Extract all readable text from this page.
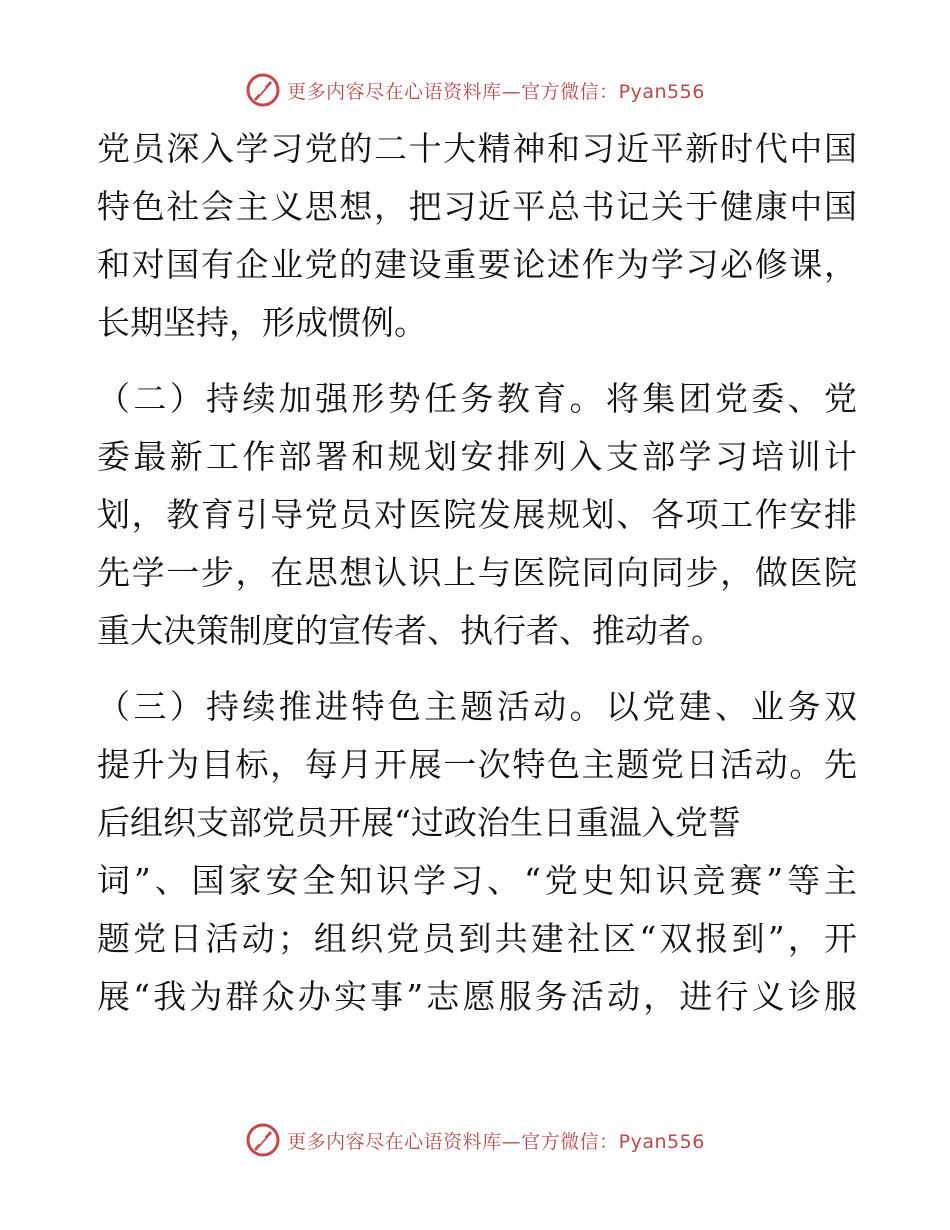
更多内容尽在心语资料库—官方微信：Pyan556
党员深入学习党的二十大精神和习近平新时代中国
特色社会主义思想，把习近平总书记关于健康中国
和对国有企业党的建设重要论述作为学习必修课，
长期坚持，形成惯例。
（二）持续加强形势任务教育。将集团党委、党
委最新工作部署和规划安排列入支部学习培训计
划，教育引导党员对医院发展规划、各项工作安排
先学一步，在思想认识上与医院同向同步，做医院
重大决策制度的宣传者、执行者、推动者。
（三）持续推进特色主题活动。以党建、业务双
提升为目标，每月开展一次特色主题党日活动。先
后组织支部党员开展“过政治生日重温入党誓
词”、国家安全知识学习、“党史知识竞赛”等主
题党日活动；组织党员到共建社区“双报到”，开
展“我为群众办实事”志愿服务活动，进行义诊服
更多内容尽在心语资料库—官方微信：Pyan556
